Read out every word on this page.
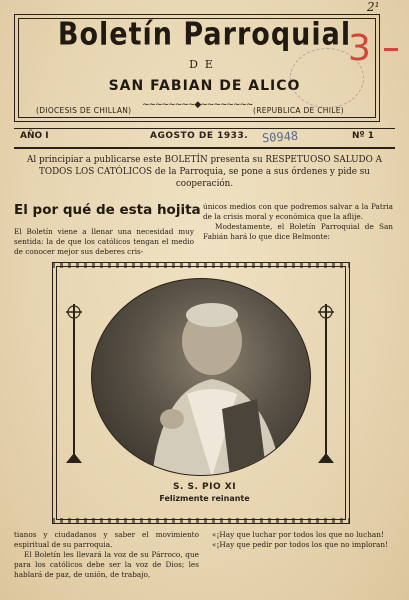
2¹
Boletín Parroquial
DE
SAN FABIAN DE ALICO
~~~~~~~~◆~~~~~~~~
(DIOCESIS DE CHILLAN)	(REPUBLICA DE CHILE)
3
AÑO I	AGOSTO DE 1933. S0948	Nº 1
Al principiar a publicarse este BOLETÍN presenta su RESPETUOSO SALUDO A TODOS LOS CATÓLICOS de la Parroquia, se pone a sus órdenes y pide su cooperación.
El por qué de esta hojita
El Boletín viene a llenar una necesidad muy sentida: la de que los católicos tengan el medio de conocer mejor sus deberes cris-
únicos medios con que podremos salvar a la Patria de la crisis moral y económica que la aflije.
Modestamente, el Boletín Parroquial de San Fabián hará lo que dice Belmonte:
S. S. PIO XI
Felizmente reinante
tianos y ciudadanos y saber el movimiento espiritual de su parroquia.
El Boletín les llevará la voz de su Párroco, que para los católicos debe ser la voz de Dios; les hablará de paz, de unión, de trabajo,
«¡Hay que luchar por todos los que no luchan!
«¡Hay que pedir por todos los que no imploran!
